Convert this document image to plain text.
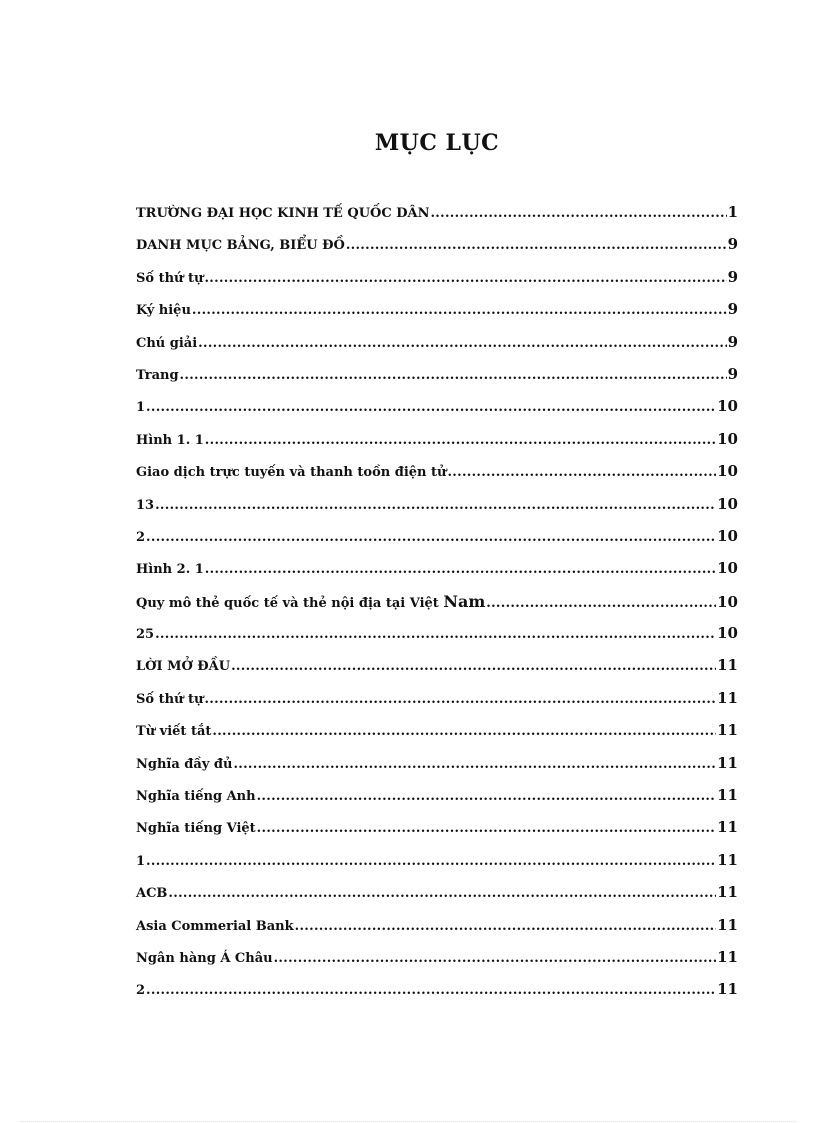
MỤC LỤC
TRƯỜNG ĐẠI HỌC KINH TẾ QUỐC DÂN .....	1
DANH MỤC BẢNG, BIỂU ĐỒ .....	9
Số thứ tự .....	9
Ký hiệu .....	9
Chú giải .....	9
Trang .....	9
1 .....	10
Hình 1. 1 .....	10
Giao dịch trực tuyến và thanh toồn điện tử .....	10
13 .....	10
2 .....	10
Hình 2. 1 .....	10
Quy mô thẻ quốc tế và thẻ nội địa tại Việt Nam .....	10
25 .....	10
LỜI MỞ ĐẦU .....	11
Số thứ tự .....	11
Từ viết tắt .....	11
Nghĩa đầy đủ .....	11
Nghĩa tiếng Anh .....	11
Nghĩa tiếng Việt .....	11
1 .....	11
ACB .....	11
Asia Commerial Bank .....	11
Ngân hàng Á Châu .....	11
2 .....	11
